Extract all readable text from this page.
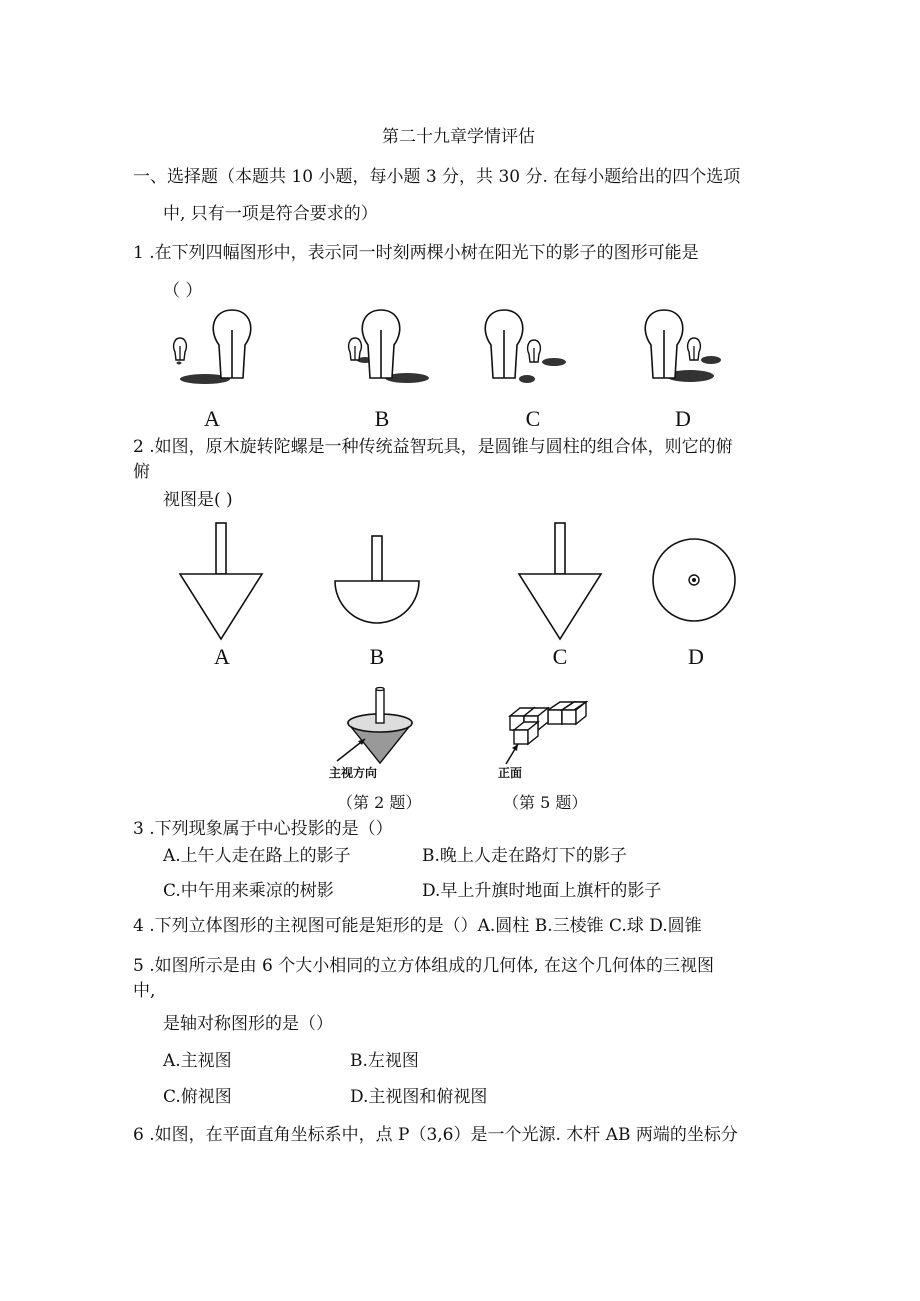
第二十九章学情评估
一、选择题（本题共 10 小题，每小题 3 分，共 30 分. 在每小题给出的四个选项
中, 只有一项是符合要求的）
1 .在下列四幅图形中，表示同一时刻两棵小树在阳光下的影子的图形可能是
（ ）
A	B	C	D
2 .如图，原木旋转陀螺是一种传统益智玩具，是圆锥与圆柱的组合体，则它的俯
俯
视图是( )
A	B	C	D
主视方向
（第 2 题）
正面
（第 5 题）
3 .下列现象属于中心投影的是（）
A.上午人走在路上的影子	B.晚上人走在路灯下的影子
C.中午用来乘凉的树影	D.早上升旗时地面上旗杆的影子
4 .下列立体图形的主视图可能是矩形的是（）A.圆柱 B.三棱锥 C.球 D.圆锥
5 .如图所示是由 6 个大小相同的立方体组成的几何体, 在这个几何体的三视图
中,
是轴对称图形的是（）
A.主视图	B.左视图
C.俯视图	D.主视图和俯视图
6 .如图，在平面直角坐标系中，点 P（3,6）是一个光源. 木杆 AB 两端的坐标分
